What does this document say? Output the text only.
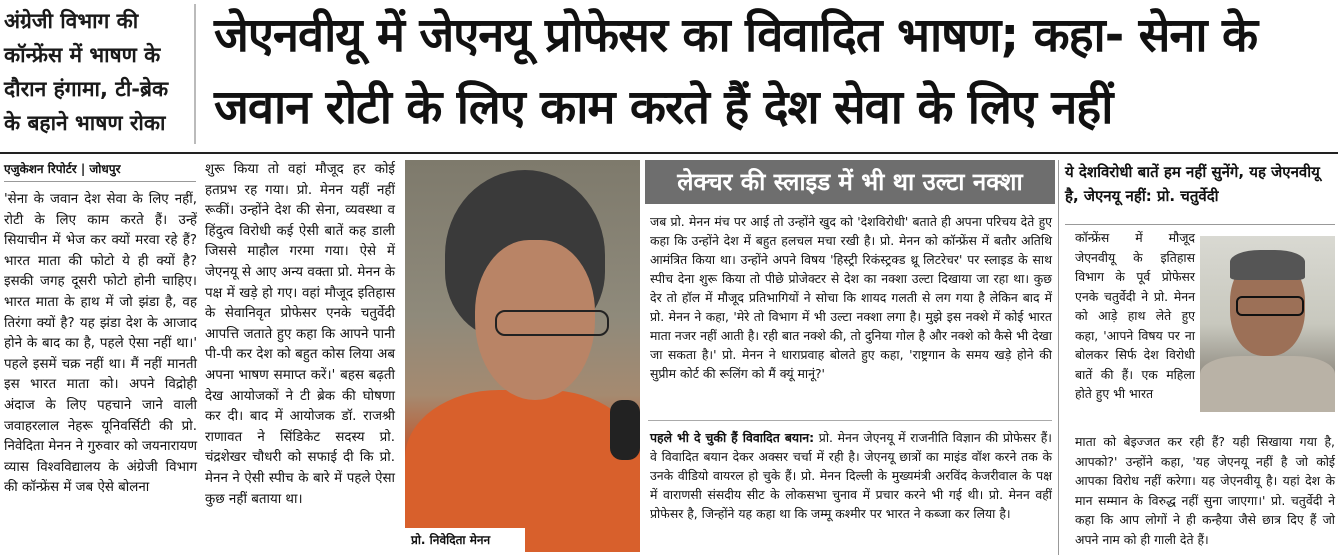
अंग्रेजी विभाग की कॉन्फ्रेंस में भाषण के दौरान हंगामा, टी-ब्रेक के बहाने भाषण रोका
जेएनवीयू में जेएनयू प्रोफेसर का विवादित भाषण; कहा- सेना के जवान रोटी के लिए काम करते हैं देश सेवा के लिए नहीं
एजुकेशन रिपोर्टर | जोधपुर
'सेना के जवान देश सेवा के लिए नहीं, रोटी के लिए काम करते हैं। उन्हें सियाचीन में भेज कर क्यों मरवा रहे हैं? भारत माता की फोटो ये ही क्यों है? इसकी जगह दूसरी फोटो होनी चाहिए। भारत माता के हाथ में जो झंडा है, वह तिरंगा क्यों है? यह झंडा देश के आजाद होने के बाद का है, पहले ऐसा नहीं था।' पहले इसमें चक्र नहीं था। मैं नहीं मानती इस भारत माता को। अपने विद्रोही अंदाज के लिए पहचाने जाने वाली जवाहरलाल नेहरू यूनिवर्सिटी की प्रो. निवेदिता मेनन ने गुरुवार को जयनारायण व्यास विश्वविद्यालय के अंग्रेजी विभाग की कॉन्फ्रेंस में जब ऐसे बोलना
शुरू किया तो वहां मौजूद हर कोई हतप्रभ रह गया। प्रो. मेनन यहीं नहीं रूकीं। उन्होंने देश की सेना, व्यवस्था व हिंदुत्व विरोधी कई ऐसी बातें कह डाली जिससे माहौल गरमा गया। ऐसे में जेएनयू से आए अन्य वक्ता प्रो. मेनन के पक्ष में खड़े हो गए। वहां मौजूद इतिहास के सेवानिवृत प्रोफेसर एनके चतुर्वेदी आपत्ति जताते हुए कहा कि आपने पानी पी-पी कर देश को बहुत कोस लिया अब अपना भाषण समाप्त करें।' बहस बढ़ती देख आयोजकों ने टी ब्रेक की घोषणा कर दी। बाद में आयोजक डॉ. राजश्री राणावत ने सिंडिकेट सदस्य प्रो. चंद्रशेखर चौधरी को सफाई दी कि प्रो. मेनन ने ऐसी स्पीच के बारे में पहले ऐसा कुछ नहीं बताया था।
प्रो. निवेदिता मेनन
लेक्चर की स्लाइड में भी था उल्टा नक्शा
जब प्रो. मेनन मंच पर आई तो उन्होंने खुद को 'देशविरोधी' बताते ही अपना परिचय देते हुए कहा कि उन्होंने देश में बहुत हलचल मचा रखी है। प्रो. मेनन को कॉन्फ्रेंस में बतौर अतिथि आमंत्रित किया था। उन्होंने अपने विषय 'हिस्ट्री रिकंस्ट्रक्ड थ्रू लिटरेचर' पर स्लाइड के साथ स्पीच देना शुरू किया तो पीछे प्रोजेक्टर से देश का नक्शा उल्टा दिखाया जा रहा था। कुछ देर तो हॉल में मौजूद प्रतिभागियों ने सोचा कि शायद गलती से लग गया है लेकिन बाद में प्रो. मेनन ने कहा, 'मेरे तो विभाग में भी उल्टा नक्शा लगा है। मुझे इस नक्शे में कोई भारत माता नजर नहीं आती है। रही बात नक्शे की, तो दुनिया गोल है और नक्शे को कैसे भी देखा जा सकता है।' प्रो. मेनन ने धाराप्रवाह बोलते हुए कहा, 'राष्ट्रगान के समय खड़े होने की सुप्रीम कोर्ट की रूलिंग को मैं क्यूं मानूं?'
पहले भी दे चुकी हैं विवादित बयान: प्रो. मेनन जेएनयू में राजनीति विज्ञान की प्रोफेसर हैं। वे विवादित बयान देकर अक्सर चर्चा में रही है। जेएनयू छात्रों का माइंड वॉश करने तक के उनके वीडियो वायरल हो चुके हैं। प्रो. मेनन दिल्ली के मुख्यमंत्री अरविंद केजरीवाल के पक्ष में वाराणसी संसदीय सीट के लोकसभा चुनाव में प्रचार करने भी गई थी। प्रो. मेनन वहीं प्रोफेसर है, जिन्होंने यह कहा था कि जम्मू कश्मीर पर भारत ने कब्जा कर लिया है।
ये देशविरोधी बातें हम नहीं सुनेंगे, यह जेएनवीयू है, जेएनयू नहीं: प्रो. चतुर्वेदी
कॉन्फ्रेंस में मौजूद जेएनवीयू के इतिहास विभाग के पूर्व प्रोफेसर एनके चतुर्वेदी ने प्रो. मेनन को आड़े हाथ लेते हुए कहा, 'आपने विषय पर ना बोलकर सिर्फ देश विरोधी बातें की हैं। एक महिला होते हुए भी भारत
माता को बेइज्जत कर रही हैं? यही सिखाया गया है, आपको?' उन्होंने कहा, 'यह जेएनयू नहीं है जो कोई आपका विरोध नहीं करेगा। यह जेएनवीयू है। यहां देश के मान सम्मान के विरुद्ध नहीं सुना जाएगा।' प्रो. चतुर्वेदी ने कहा कि आप लोगों ने ही कन्हैया जैसे छात्र दिए हैं जो अपने नाम को ही गाली देते हैं।
